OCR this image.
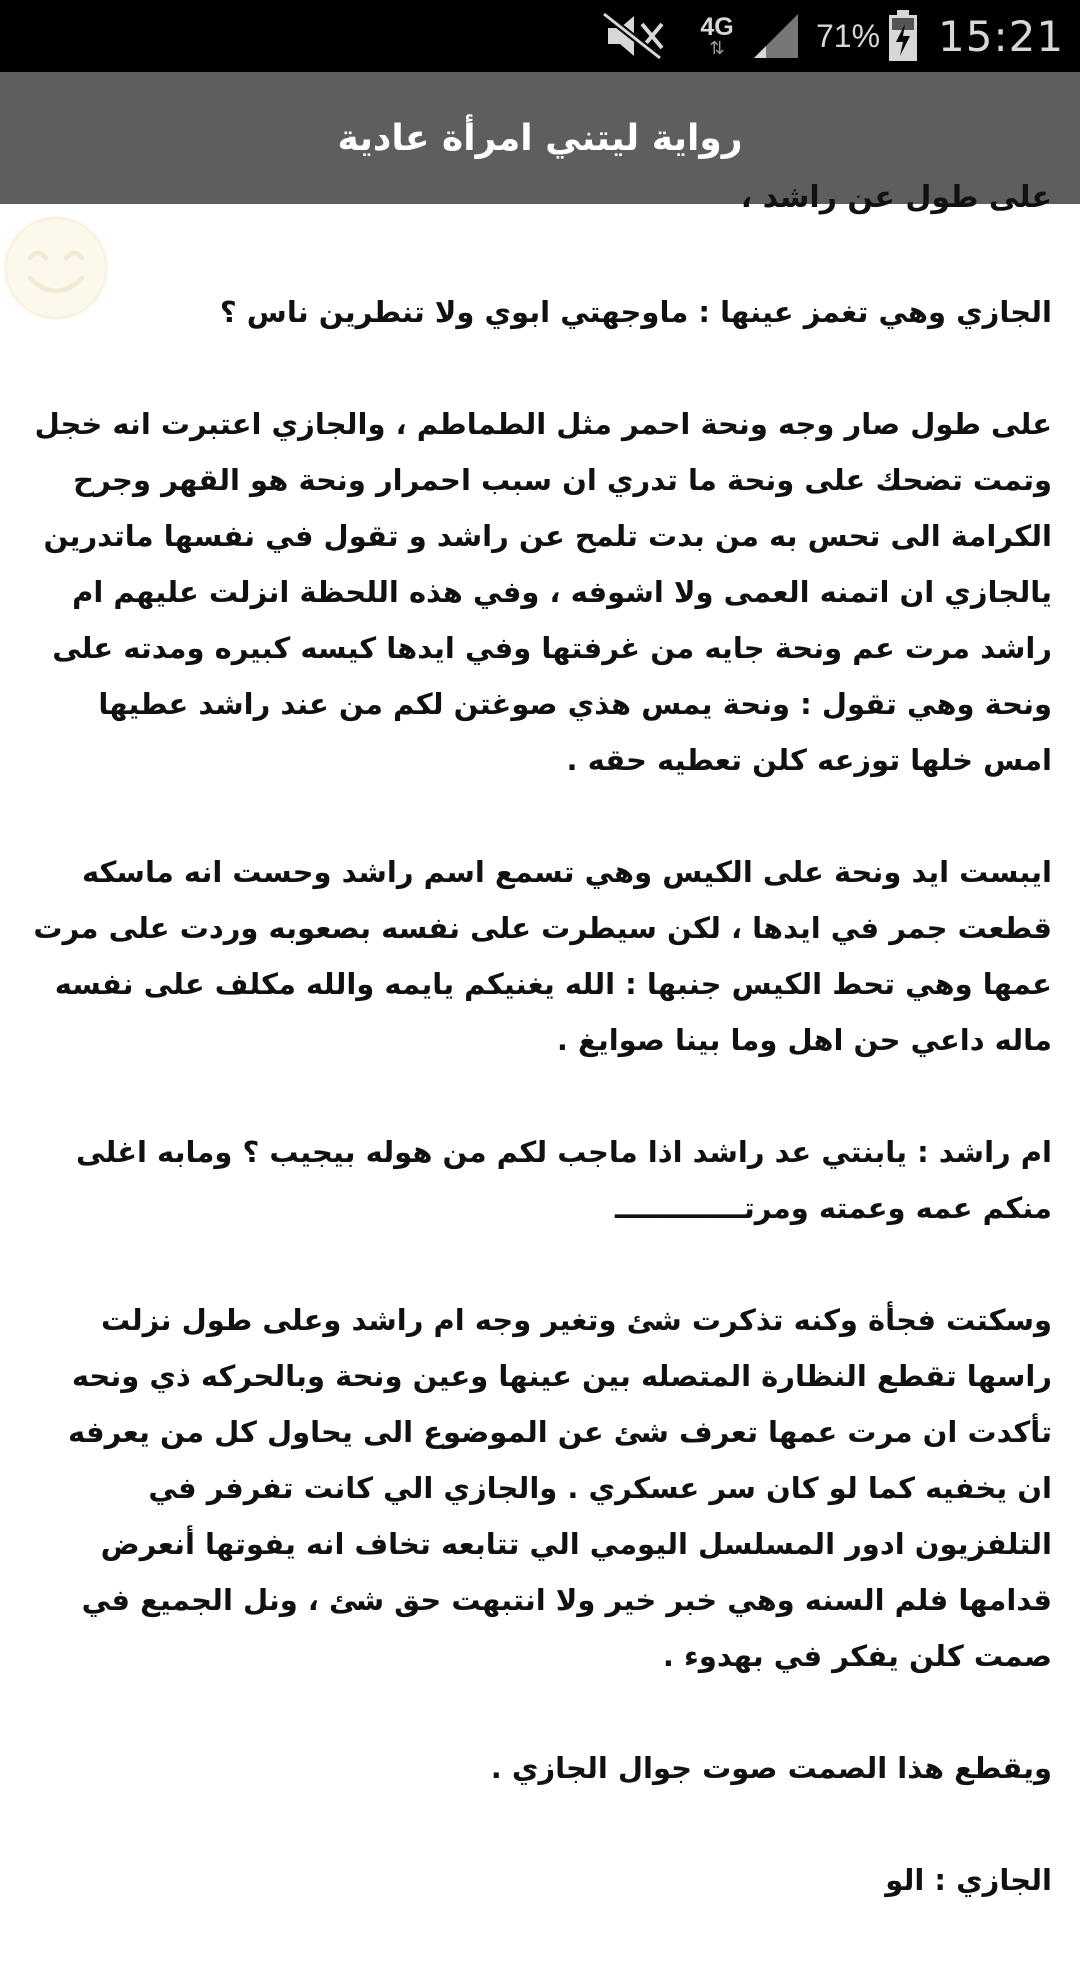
4G
⇅	71% 15:21
رواية ليتني امرأة عادية
على طول عن راشد ،

الجازي وهي تغمز عينها : ماوجهتي ابوي ولا تنطرين ناس ؟

على طول صار وجه ونحة احمر مثل الطماطم ، والجازي اعتبرت انه خجل وتمت تضحك على ونحة ما تدري ان سبب احمرار ونحة هو القهر وجرح الكرامة الى تحس به من بدت تلمح عن راشد و تقول في نفسها ماتدرين يالجازي ان اتمنه العمى ولا اشوفه ، وفي هذه اللحظة انزلت عليهم ام راشد مرت عم ونحة جايه من غرفتها وفي ايدها كيسه كبيره ومدته على ونحة وهي تقول : ونحة يمس هذي صوغتن لكم من عند راشد عطيها امس خلها توزعه كلن تعطيه حقه .

ايبست ايد ونحة على الكيس وهي تسمع اسم راشد وحست انه ماسكه قطعت جمر في ايدها ، لكن سيطرت على نفسه بصعوبه وردت على مرت عمها وهي تحط الكيس جنبها : الله يغنيكم يايمه والله مكلف على نفسه ماله داعي حن اهل وما بينا صوايغ .

ام راشد : يابنتي عد راشد اذا ماجب لكم من هوله بيجيب ؟ ومابه اغلى منكم عمه وعمته ومرتـــــــــــــ

وسكتت فجأة وكنه تذكرت شئ وتغير وجه ام راشد وعلى طول نزلت راسها تقطع النظارة المتصله بين عينها وعين ونحة وبالحركه ذي ونحه تأكدت ان مرت عمها تعرف شئ عن الموضوع الى يحاول كل من يعرفه ان يخفيه كما لو كان سر عسكري . والجازي الي كانت تفرفر في التلفزيون ادور المسلسل اليومي الي تتابعه تخاف انه يفوتها أنعرض قدامها فلم السنه وهي خبر خير ولا انتبهت حق شئ ، ونل الجميع في صمت كلن يفكر في بهدوء .

ويقطع هذا الصمت صوت جوال الجازي .

الجازي : الو
